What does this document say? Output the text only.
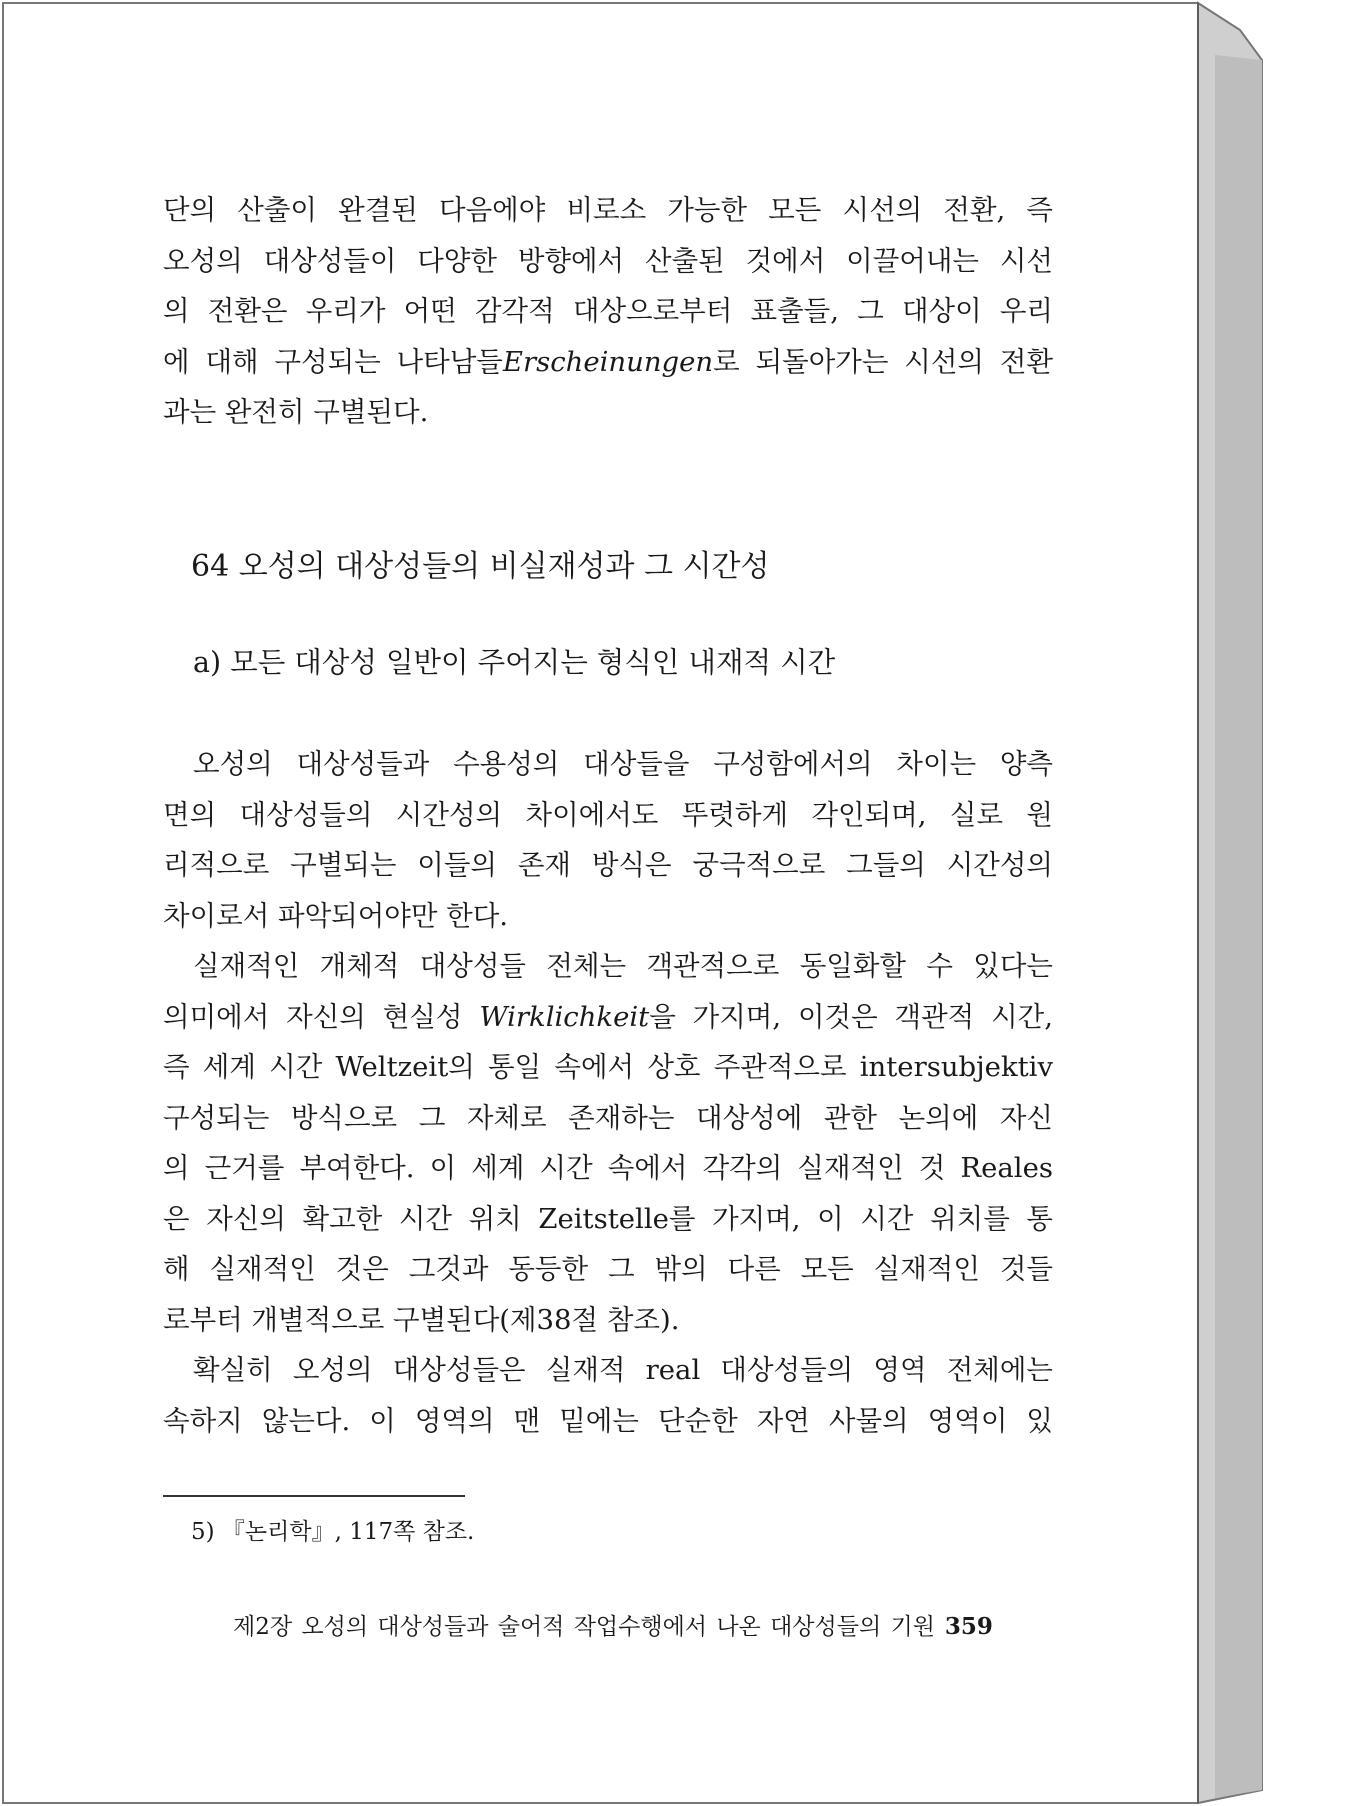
단의 산출이 완결된 다음에야 비로소 가능한 모든 시선의 전환, 즉
오성의 대상성들이 다양한 방향에서 산출된 것에서 이끌어내는 시선
의 전환은 우리가 어떤 감각적 대상으로부터 표출들, 그 대상이 우리
에 대해 구성되는 나타남들Erscheinungen로 되돌아가는 시선의 전환
과는 완전히 구별된다.
64 오성의 대상성들의 비실재성과 그 시간성
a) 모든 대상성 일반이 주어지는 형식인 내재적 시간
오성의 대상성들과 수용성의 대상들을 구성함에서의 차이는 양측
면의 대상성들의 시간성의 차이에서도 뚜렷하게 각인되며, 실로 원
리적으로 구별되는 이들의 존재 방식은 궁극적으로 그들의 시간성의
차이로서 파악되어야만 한다.
실재적인 개체적 대상성들 전체는 객관적으로 동일화할 수 있다는
의미에서 자신의 현실성 Wirklichkeit을 가지며, 이것은 객관적 시간,
즉 세계 시간 Weltzeit의 통일 속에서 상호 주관적으로 intersubjektiv
구성되는 방식으로 그 자체로 존재하는 대상성에 관한 논의에 자신
의 근거를 부여한다. 이 세계 시간 속에서 각각의 실재적인 것 Reales
은 자신의 확고한 시간 위치 Zeitstelle를 가지며, 이 시간 위치를 통
해 실재적인 것은 그것과 동등한 그 밖의 다른 모든 실재적인 것들
로부터 개별적으로 구별된다(제38절 참조).
확실히 오성의 대상성들은 실재적 real 대상성들의 영역 전체에는
속하지 않는다. 이 영역의 맨 밑에는 단순한 자연 사물의 영역이 있

5) 『논리학』, 117쪽 참조.

제2장 오성의 대상성들과 술어적 작업수행에서 나온 대상성들의 기원 359
